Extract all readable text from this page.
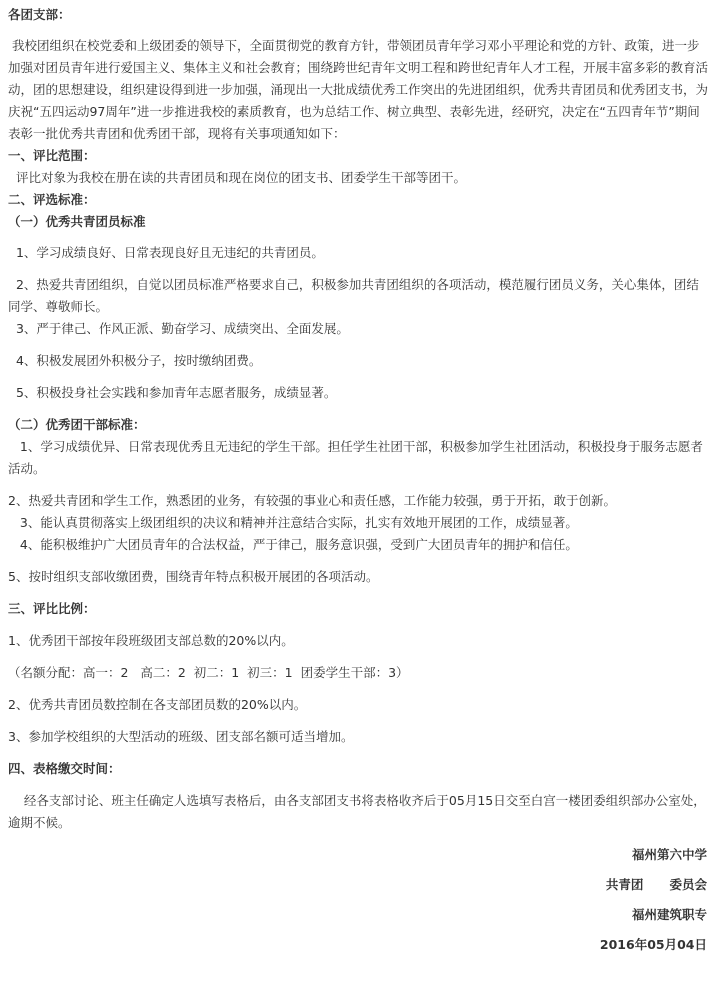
各团支部：

我校团组织在校党委和上级团委的领导下，全面贯彻党的教育方针，带领团员青年学习邓小平理论和党的方针、政策，进一步加强对团员青年进行爱国主义、集体主义和社会教育；围绕跨世纪青年文明工程和跨世纪青年人才工程，开展丰富多彩的教育活动，团的思想建设，组织建设得到进一步加强，涌现出一大批成绩优秀工作突出的先进团组织，优秀共青团员和优秀团支书，为庆祝“五四运动97周年”进一步推进我校的素质教育，也为总结工作、树立典型、表彰先进，经研究，决定在“五四青年节”期间表彰一批优秀共青团和优秀团干部，现将有关事项通知如下：

一、评比范围：

评比对象为我校在册在读的共青团员和现在岗位的团支书、团委学生干部等团干。

二、评选标准：

（一）优秀共青团员标准

1、学习成绩良好、日常表现良好且无违纪的共青团员。

2、热爱共青团组织，自觉以团员标准严格要求自己，积极参加共青团组织的各项活动，模范履行团员义务，关心集体，团结同学、尊敬师长。

3、严于律己、作风正派、勤奋学习、成绩突出、全面发展。

4、积极发展团外积极分子，按时缴纳团费。

5、积极投身社会实践和参加青年志愿者服务，成绩显著。

（二）优秀团干部标准：

1、学习成绩优异、日常表现优秀且无违纪的学生干部。担任学生社团干部，积极参加学生社团活动，积极投身于服务志愿者活动。

2、热爱共青团和学生工作，熟悉团的业务，有较强的事业心和责任感，工作能力较强，勇于开拓，敢于创新。

3、能认真贯彻落实上级团组织的决议和精神并注意结合实际，扎实有效地开展团的工作，成绩显著。

4、能积极维护广大团员青年的合法权益，严于律己，服务意识强，受到广大团员青年的拥护和信任。

5、按时组织支部收缴团费，围绕青年特点积极开展团的各项活动。

三、评比比例：

1、优秀团干部按年段班级团支部总数的20%以内。

（名额分配：高一：2   高二：2  初二：1  初三：1  团委学生干部：3）

2、优秀共青团员数控制在各支部团员数的20%以内。

3、参加学校组织的大型活动的班级、团支部名额可适当增加。

四、表格缴交时间：

经各支部讨论、班主任确定人选填写表格后，由各支部团支书将表格收齐后于05月15日交至白宫一楼团委组织部办公室处，逾期不候。

福州第六中学
共青团      委员会
福州建筑职专
2016年05月04日
